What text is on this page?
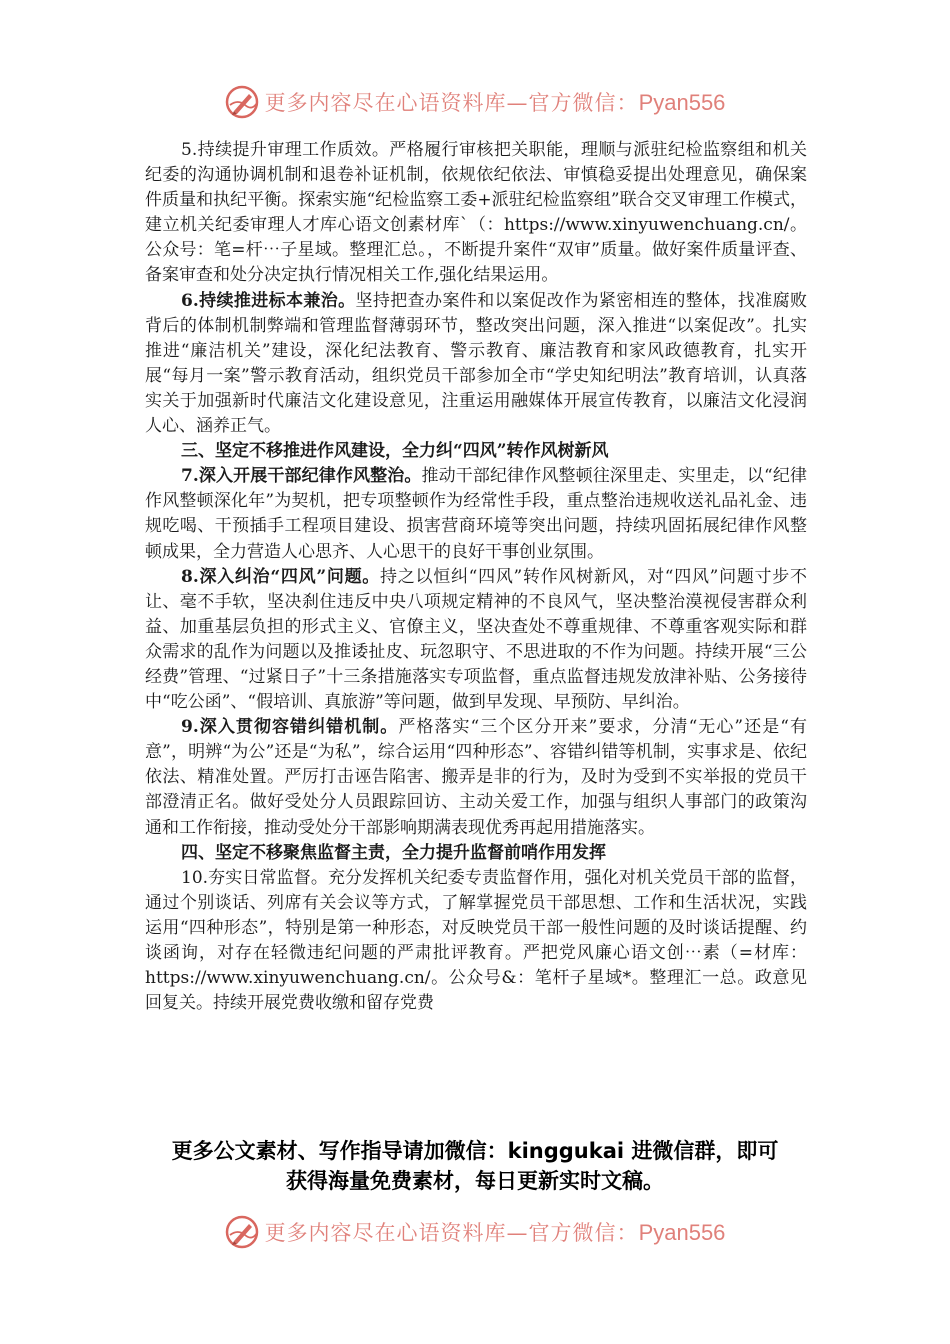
更多内容尽在心语资料库—官方微信：Pyan556

5.持续提升审理工作质效。严格履行审核把关职能，理顺与派驻纪检监察组和机关纪委的沟通协调机制和退卷补证机制，依规依纪依法、审慎稳妥提出处理意见，确保案件质量和执纪平衡。探索实施“纪检监察工委+派驻纪检监察组”联合交叉审理工作模式，建立机关纪委审理人才库心语文创素材库`（：https://www.xinyuwenchuang.cn/。公众号：笔=杆⋯子星域。整理汇总。，不断提升案件“双审”质量。做好案件质量评查、备案审查和处分决定执行情况相关工作,强化结果运用。

6.持续推进标本兼治。坚持把查办案件和以案促改作为紧密相连的整体，找准腐败背后的体制机制弊端和管理监督薄弱环节，整改突出问题，深入推进“以案促改”。扎实推进“廉洁机关”建设，深化纪法教育、警示教育、廉洁教育和家风政德教育，扎实开展“每月一案”警示教育活动，组织党员干部参加全市“学史知纪明法”教育培训，认真落实关于加强新时代廉洁文化建设意见，注重运用融媒体开展宣传教育，以廉洁文化浸润人心、涵养正气。

三、坚定不移推进作风建设，全力纠“四风”转作风树新风

7.深入开展干部纪律作风整治。推动干部纪律作风整顿往深里走、实里走，以“纪律作风整顿深化年”为契机，把专项整顿作为经常性手段，重点整治违规收送礼品礼金、违规吃喝、干预插手工程项目建设、损害营商环境等突出问题，持续巩固拓展纪律作风整顿成果，全力营造人心思齐、人心思干的良好干事创业氛围。

8.深入纠治“四风”问题。持之以恒纠“四风”转作风树新风，对“四风”问题寸步不让、毫不手软，坚决刹住违反中央八项规定精神的不良风气，坚决整治漠视侵害群众利益、加重基层负担的形式主义、官僚主义，坚决查处不尊重规律、不尊重客观实际和群众需求的乱作为问题以及推诿扯皮、玩忽职守、不思进取的不作为问题。持续开展“三公经费”管理、“过紧日子”十三条措施落实专项监督，重点监督违规发放津补贴、公务接待中“吃公函”、“假培训、真旅游”等问题，做到早发现、早预防、早纠治。

9.深入贯彻容错纠错机制。严格落实“三个区分开来”要求，分清“无心”还是“有意”，明辨“为公”还是“为私”，综合运用“四种形态”、容错纠错等机制，实事求是、依纪依法、精准处置。严厉打击诬告陷害、搬弄是非的行为，及时为受到不实举报的党员干部澄清正名。做好受处分人员跟踪回访、主动关爱工作，加强与组织人事部门的政策沟通和工作衔接，推动受处分干部影响期满表现优秀再起用措施落实。

四、坚定不移聚焦监督主责，全力提升监督前哨作用发挥

10.夯实日常监督。充分发挥机关纪委专责监督作用，强化对机关党员干部的监督，通过个别谈话、列席有关会议等方式，了解掌握党员干部思想、工作和生活状况，实践运用“四种形态”，特别是第一种形态，对反映党员干部一般性问题的及时谈话提醒、约谈函询，对存在轻微违纪问题的严肃批评教育。严把党风廉心语文创⋯素（=材库：https://www.xinyuwenchuang.cn/。公众号&：笔杆子星域*。整理汇一总。政意见回复关。持续开展党费收缴和留存党费

更多公文素材、写作指导请加微信：kinggukai 进微信群，即可
获得海量免费素材，每日更新实时文稿。
更多内容尽在心语资料库—官方微信：Pyan556
